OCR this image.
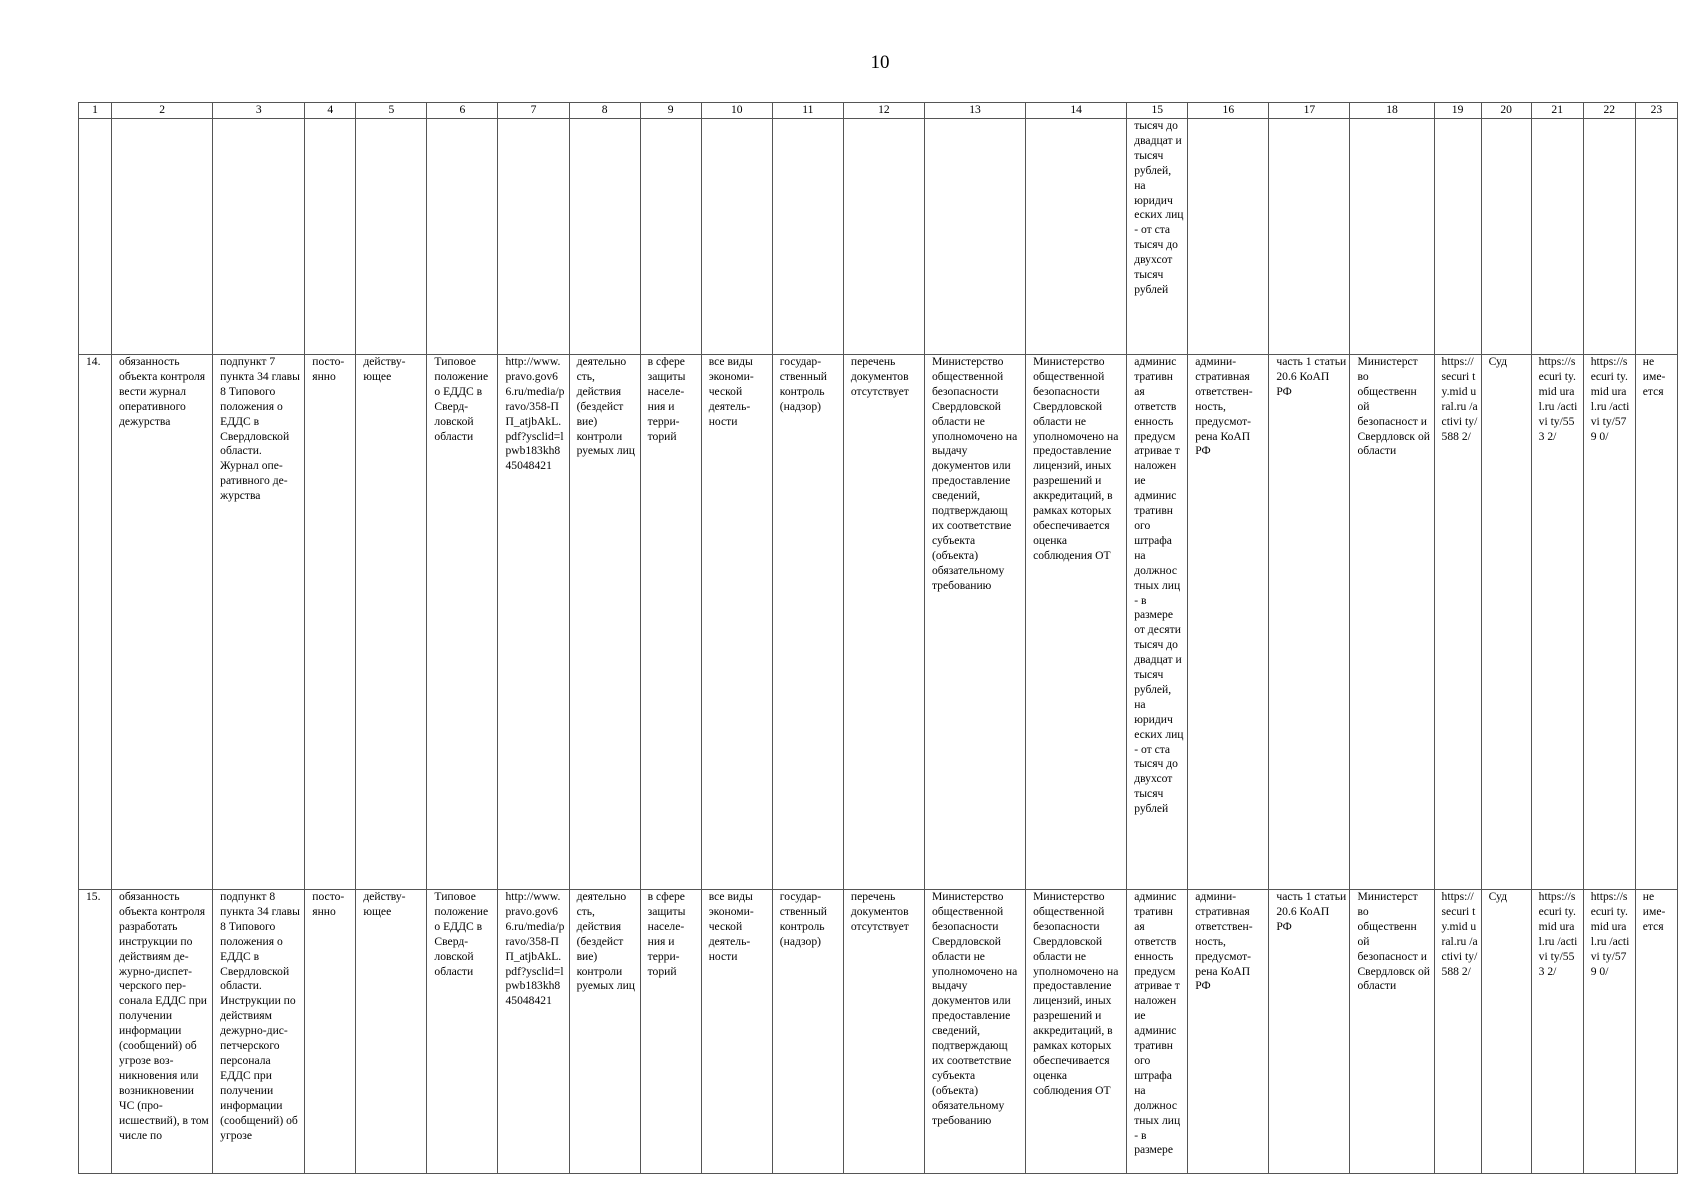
10
1	2	3	4	5	6	7	8	9	10	11	12	13	14	15	16	17	18	19	20	21	22	23
														тысяч до двадцат и тысяч рублей, на юридич еских лиц - от ста тысяч до двухсот тысяч рублей								
14.	обязанность объекта контроля вести журнал оперативного дежурства	подпункт 7 пункта 34 главы 8 Типового положения о ЕДДС в Свердловской области. Журнал оперативного дежурства	постоянно	действующее	Типовое положение о ЕДДС в Свердловской области	http://www.pravo.gov66.ru/media/pravo/358-ПП_atjbAkL.pdf?ysclid=lpwb183kh845048421	деятельно сть, действия (бездейст вие) контроли руемых лиц	в сфере защиты населения и территорий	все виды экономической деятельности	государственный контроль (надзор)	перечень документов отсутствует	Министерство общественной безопасности Свердловской области не уполномочено на выдачу документов или предоставление сведений, подтверждающ их соответствие субъекта (объекта) обязательному требованию	Министерство общественной безопасности Свердловской области не уполномочено на предоставление лицензий, иных разрешений и аккредитаций, в рамках которых обеспечивается оценка соблюдения ОТ	админис тративн ая ответств енность предусм атривае т наложен ие админис тративн ого штрафа на должнос тных лиц - в размере от десяти тысяч до двадцат и тысяч рублей, на юридич еских лиц - от ста тысяч до двухсот тысяч рублей	административная ответственность, предусмотрена КоАП РФ	часть 1 статьи 20.6 КоАП РФ	Министерст во общественн ой безопасност и Свердловск ой области	https://securi ty.mid ural.ru /activi ty/588 2/	Суд	https://securi ty.mid ural.ru /activi ty/553 2/	https://securi ty.mid ural.ru /activi ty/579 0/	не имеется
15.	обязанность объекта контроля разработать инструкции по действиям дежурно-диспетчерского персонала ЕДДС при получении информации (сообщений) об угрозе возникновения или возникновении ЧС (происшествий), в том числе по	подпункт 8 пункта 34 главы 8 Типового положения о ЕДДС в Свердловской области. Инструкции по действиям дежурно-диспетчерского персонала ЕДДС при получении информации (сообщений) об угрозе	постоянно	действующее	Типовое положение о ЕДДС в Свердловской области	http://www.pravo.gov66.ru/media/pravo/358-ПП_atjbAkL.pdf?ysclid=lpwb183kh845048421	деятельно сть, действия (бездейст вие) контроли руемых лиц	в сфере защиты населения и территорий	все виды экономической деятельности	государственный контроль (надзор)	перечень документов отсутствует	Министерство общественной безопасности Свердловской области не уполномочено на выдачу документов или предоставление сведений, подтверждающ их соответствие субъекта (объекта) обязательному требованию	Министерство общественной безопасности Свердловской области не уполномочено на предоставление лицензий, иных разрешений и аккредитаций, в рамках которых обеспечивается оценка соблюдения ОТ	админис тративн ая ответств енность предусм атривае т наложен ие админис тративн ого штрафа на должнос тных лиц - в размере	административная ответственность, предусмотрена КоАП РФ	часть 1 статьи 20.6 КоАП РФ	Министерст во общественн ой безопасност и Свердловск ой области	https://securi ty.mid ural.ru /activi ty/588 2/	Суд	https://securi ty.mid ural.ru /activi ty/553 2/	https://securi ty.mid ural.ru /activi ty/579 0/	не имеется
